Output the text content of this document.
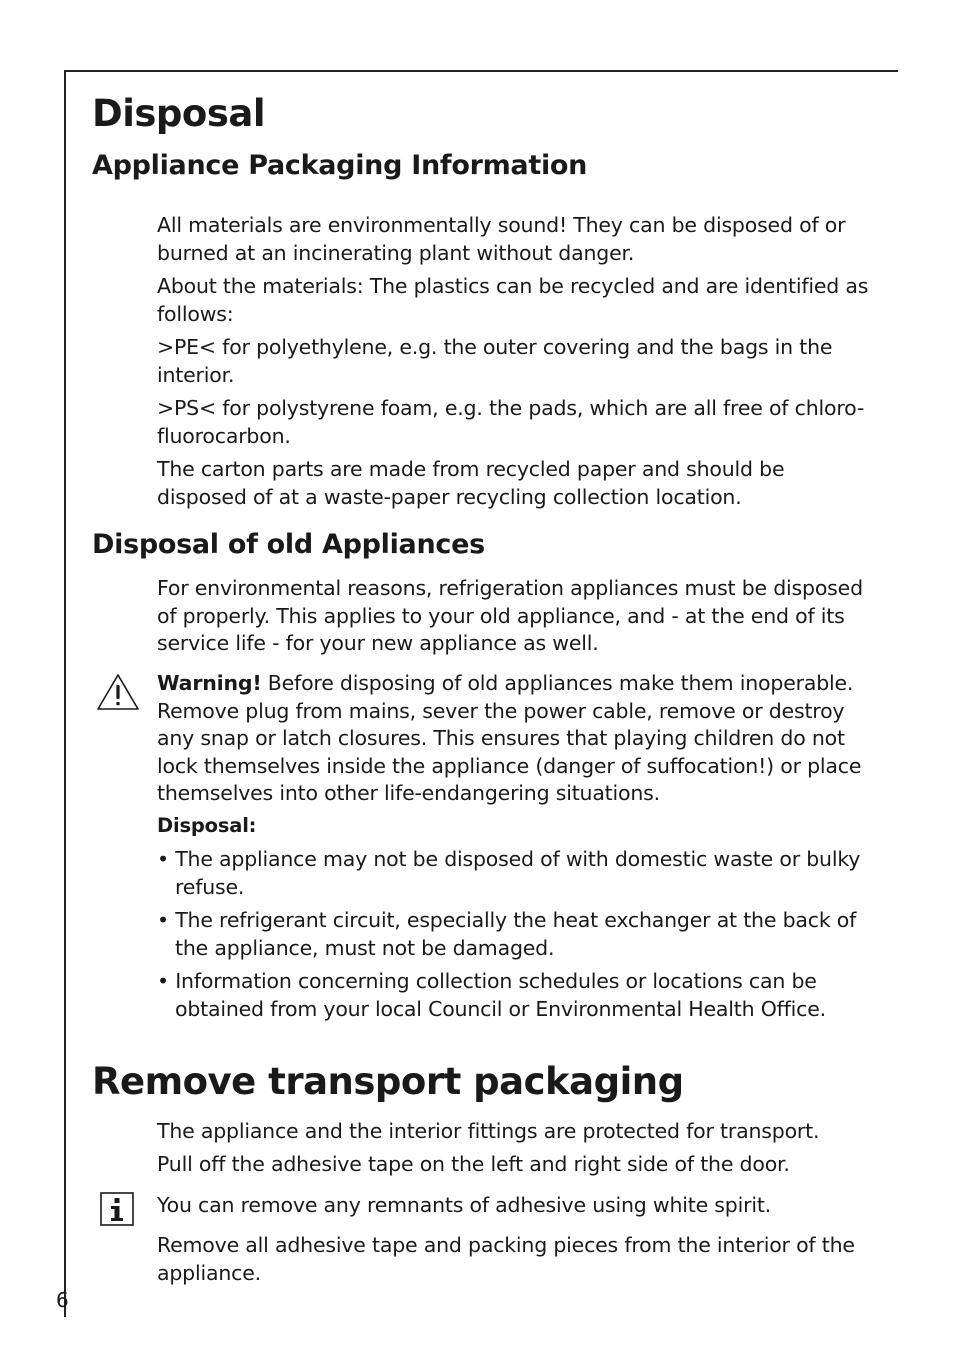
Disposal
Appliance Packaging Information

All materials are environmentally sound! They can be disposed of or burned at an incinerating plant without danger.

About the materials: The plastics can be recycled and are identified as follows:

>PE< for polyethylene, e.g. the outer covering and the bags in the interior.

>PS< for polystyrene foam, e.g. the pads, which are all free of chloro-fluorocarbon.

The carton parts are made from recycled paper and should be disposed of at a waste-paper recycling collection location.

Disposal of old Appliances

For environmental reasons, refrigeration appliances must be disposed of properly. This applies to your old appliance, and - at the end of its service life - for your new appliance as well.

Warning! Before disposing of old appliances make them inoperable. Remove plug from mains, sever the power cable, remove or destroy any snap or latch closures. This ensures that playing children do not lock themselves inside the appliance (danger of suffocation!) or place themselves into other life-endangering situations.

Disposal:

• The appliance may not be disposed of with domestic waste or bulky refuse.

• The refrigerant circuit, especially the heat exchanger at the back of the appliance, must not be damaged.

• Information concerning collection schedules or locations can be obtained from your local Council or Environmental Health Office.

Remove transport packaging

The appliance and the interior fittings are protected for transport.

Pull off the adhesive tape on the left and right side of the door.

You can remove any remnants of adhesive using white spirit.

Remove all adhesive tape and packing pieces from the interior of the appliance.

6
